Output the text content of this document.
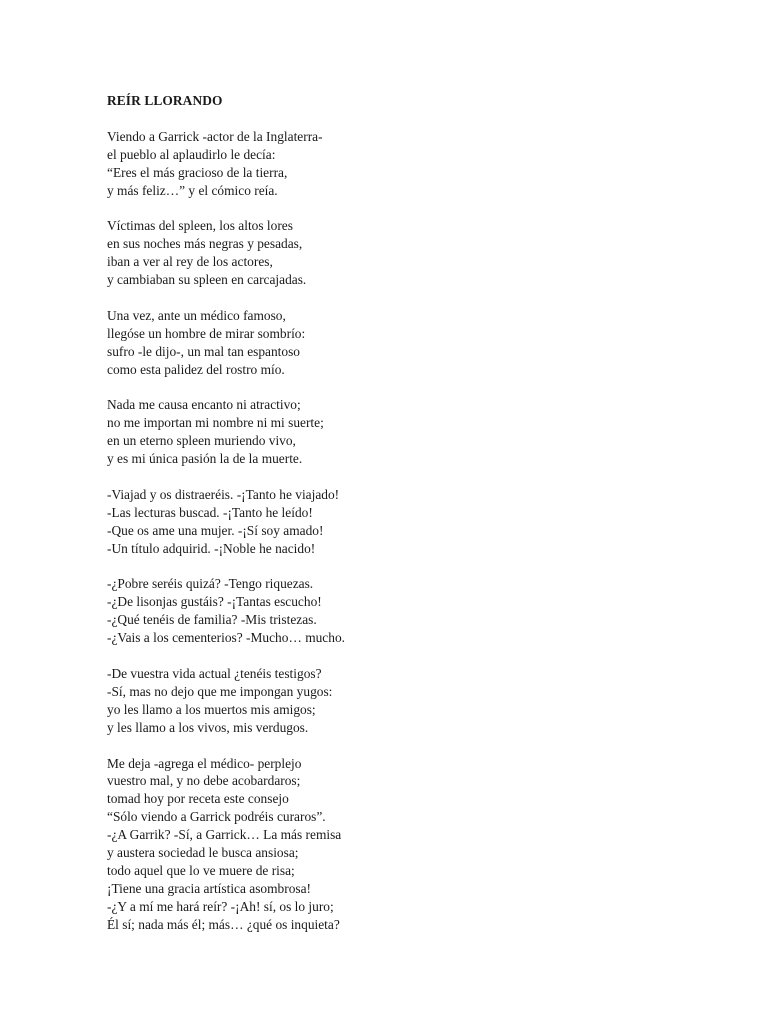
REÍR LLORANDO
Viendo a Garrick -actor de la Inglaterra-
el pueblo al aplaudirlo le decía:
“Eres el más gracioso de la tierra,
y más feliz…” y el cómico reía.
Víctimas del spleen, los altos lores
en sus noches más negras y pesadas,
iban a ver al rey de los actores,
y cambiaban su spleen en carcajadas.
Una vez, ante un médico famoso,
llegóse un hombre de mirar sombrío:
sufro -le dijo-, un mal tan espantoso
como esta palidez del rostro mío.
Nada me causa encanto ni atractivo;
no me importan mi nombre ni mi suerte;
en un eterno spleen muriendo vivo,
y es mi única pasión la de la muerte.
-Viajad y os distraeréis. -¡Tanto he viajado!
-Las lecturas buscad. -¡Tanto he leído!
-Que os ame una mujer. -¡Sí soy amado!
-Un título adquirid. -¡Noble he nacido!
-¿Pobre seréis quizá? -Tengo riquezas.
-¿De lisonjas gustáis? -¡Tantas escucho!
-¿Qué tenéis de familia? -Mis tristezas.
-¿Vais a los cementerios? -Mucho… mucho.
-De vuestra vida actual ¿tenéis testigos?
-Sí, mas no dejo que me impongan yugos:
yo les llamo a los muertos mis amigos;
y les llamo a los vivos, mis verdugos.
Me deja -agrega el médico- perplejo
vuestro mal, y no debe acobardaros;
tomad hoy por receta este consejo
“Sólo viendo a Garrick podréis curaros”.
-¿A Garrik? -Sí, a Garrick… La más remisa
y austera sociedad le busca ansiosa;
todo aquel que lo ve muere de risa;
¡Tiene una gracia artística asombrosa!
-¿Y a mí me hará reír? -¡Ah! sí, os lo juro;
Él sí; nada más él; más… ¿qué os inquieta?
